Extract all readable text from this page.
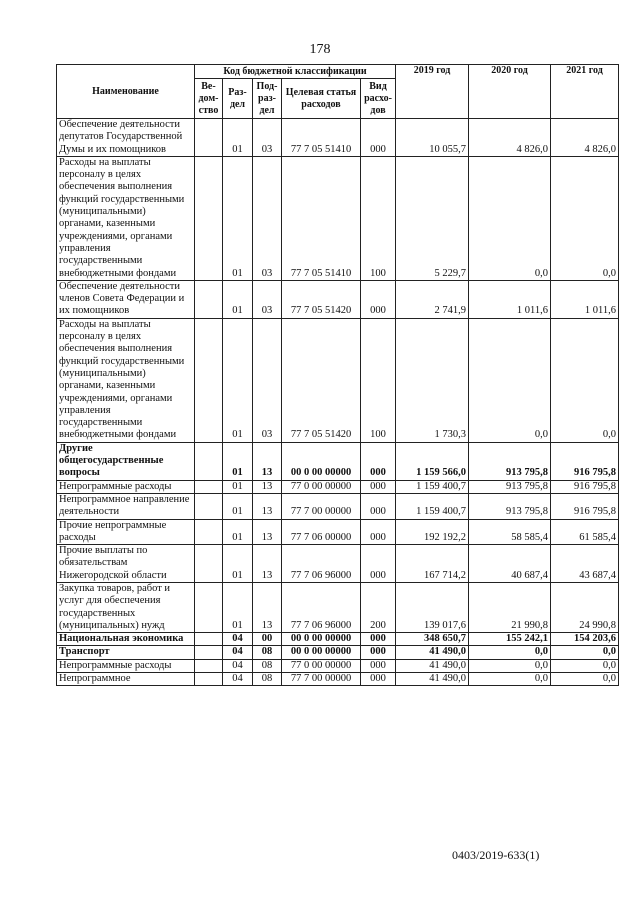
178
Наименование	Код бюджетной классификации					2019 год	2020 год	2021 год
	Ве-дом-ство	Раз-дел	Под-раз-дел	Целевая статья расходов	Вид расхо-дов			
Обеспечение деятельности депутатов Государственной Думы и их помощников		01	03	77 7 05 51410	000	10 055,7	4 826,0	4 826,0
Расходы на выплаты персоналу в целях обеспечения выполнения функций государственными (муниципальными) органами, казенными учреждениями, органами управления государственными внебюджетными фондами		01	03	77 7 05 51410	100	5 229,7	0,0	0,0
Обеспечение деятельности членов Совета Федерации и их помощников		01	03	77 7 05 51420	000	2 741,9	1 011,6	1 011,6
Расходы на выплаты персоналу в целях обеспечения выполнения функций государственными (муниципальными) органами, казенными учреждениями, органами управления государственными внебюджетными фондами		01	03	77 7 05 51420	100	1 730,3	0,0	0,0
Другие общегосударственные вопросы		01	13	00 0 00 00000	000	1 159 566,0	913 795,8	916 795,8
Непрограммные расходы		01	13	77 0 00 00000	000	1 159 400,7	913 795,8	916 795,8
Непрограммное направление деятельности		01	13	77 7 00 00000	000	1 159 400,7	913 795,8	916 795,8
Прочие непрограммные расходы		01	13	77 7 06 00000	000	192 192,2	58 585,4	61 585,4
Прочие выплаты по обязательствам Нижегородской области		01	13	77 7 06 96000	000	167 714,2	40 687,4	43 687,4
Закупка товаров, работ и услуг для обеспечения государственных (муниципальных) нужд		01	13	77 7 06 96000	200	139 017,6	21 990,8	24 990,8
Национальная экономика		04	00	00 0 00 00000	000	348 650,7	155 242,1	154 203,6
Транспорт		04	08	00 0 00 00000	000	41 490,0	0,0	0,0
Непрограммные расходы		04	08	77 0 00 00000	000	41 490,0	0,0	0,0
Непрограммное		04	08	77 7 00 00000	000	41 490,0	0,0	0,0
0403/2019-633(1)
